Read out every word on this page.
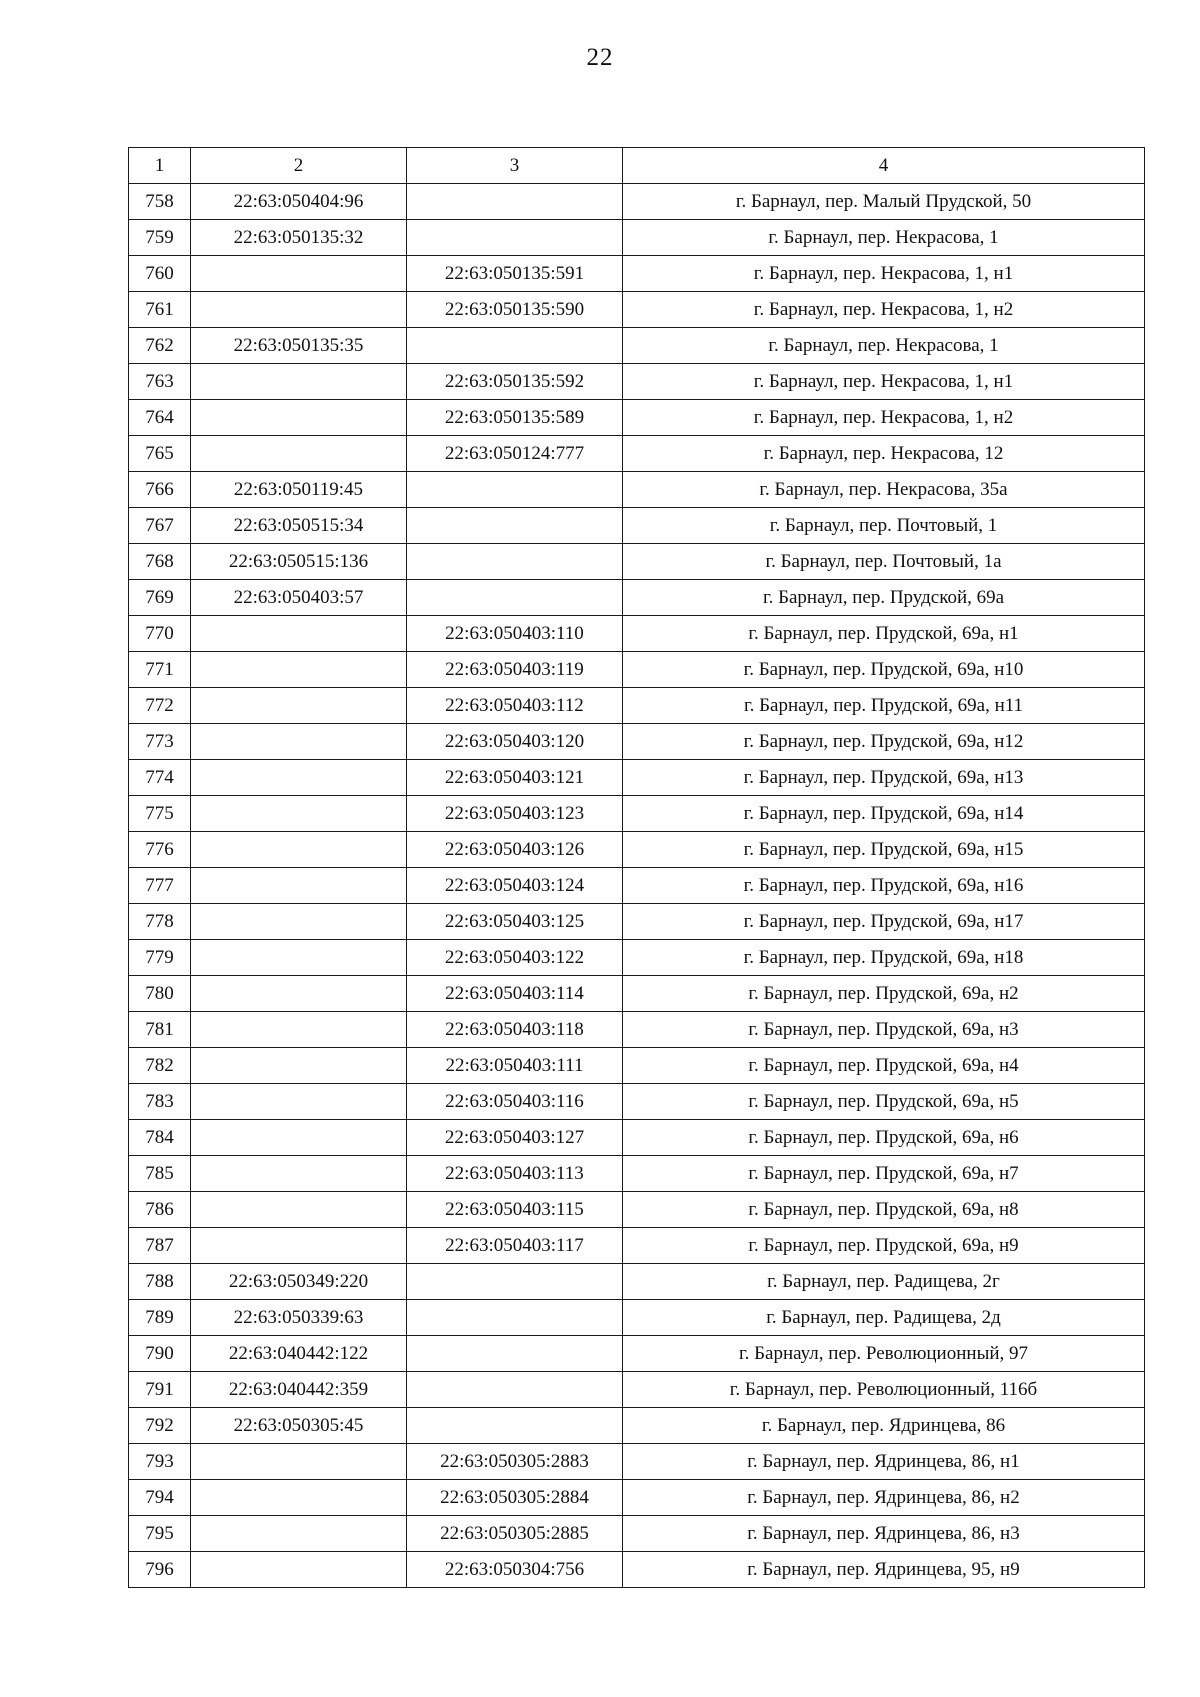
22
1	2	3	4
758	22:63:050404:96		г. Барнаул, пер. Малый Прудской, 50
759	22:63:050135:32		г. Барнаул, пер. Некрасова, 1
760		22:63:050135:591	г. Барнаул, пер. Некрасова, 1, н1
761		22:63:050135:590	г. Барнаул, пер. Некрасова, 1, н2
762	22:63:050135:35		г. Барнаул, пер. Некрасова, 1
763		22:63:050135:592	г. Барнаул, пер. Некрасова, 1, н1
764		22:63:050135:589	г. Барнаул, пер. Некрасова, 1, н2
765		22:63:050124:777	г. Барнаул, пер. Некрасова, 12
766	22:63:050119:45		г. Барнаул, пер. Некрасова, 35а
767	22:63:050515:34		г. Барнаул, пер. Почтовый, 1
768	22:63:050515:136		г. Барнаул, пер. Почтовый, 1а
769	22:63:050403:57		г. Барнаул, пер. Прудской, 69а
770		22:63:050403:110	г. Барнаул, пер. Прудской, 69а, н1
771		22:63:050403:119	г. Барнаул, пер. Прудской, 69а, н10
772		22:63:050403:112	г. Барнаул, пер. Прудской, 69а, н11
773		22:63:050403:120	г. Барнаул, пер. Прудской, 69а, н12
774		22:63:050403:121	г. Барнаул, пер. Прудской, 69а, н13
775		22:63:050403:123	г. Барнаул, пер. Прудской, 69а, н14
776		22:63:050403:126	г. Барнаул, пер. Прудской, 69а, н15
777		22:63:050403:124	г. Барнаул, пер. Прудской, 69а, н16
778		22:63:050403:125	г. Барнаул, пер. Прудской, 69а, н17
779		22:63:050403:122	г. Барнаул, пер. Прудской, 69а, н18
780		22:63:050403:114	г. Барнаул, пер. Прудской, 69а, н2
781		22:63:050403:118	г. Барнаул, пер. Прудской, 69а, н3
782		22:63:050403:111	г. Барнаул, пер. Прудской, 69а, н4
783		22:63:050403:116	г. Барнаул, пер. Прудской, 69а, н5
784		22:63:050403:127	г. Барнаул, пер. Прудской, 69а, н6
785		22:63:050403:113	г. Барнаул, пер. Прудской, 69а, н7
786		22:63:050403:115	г. Барнаул, пер. Прудской, 69а, н8
787		22:63:050403:117	г. Барнаул, пер. Прудской, 69а, н9
788	22:63:050349:220		г. Барнаул, пер. Радищева, 2г
789	22:63:050339:63		г. Барнаул, пер. Радищева, 2д
790	22:63:040442:122		г. Барнаул, пер. Революционный, 97
791	22:63:040442:359		г. Барнаул, пер. Революционный, 116б
792	22:63:050305:45		г. Барнаул, пер. Ядринцева, 86
793		22:63:050305:2883	г. Барнаул, пер. Ядринцева, 86, н1
794		22:63:050305:2884	г. Барнаул, пер. Ядринцева, 86, н2
795		22:63:050305:2885	г. Барнаул, пер. Ядринцева, 86, н3
796		22:63:050304:756	г. Барнаул, пер. Ядринцева, 95, н9
